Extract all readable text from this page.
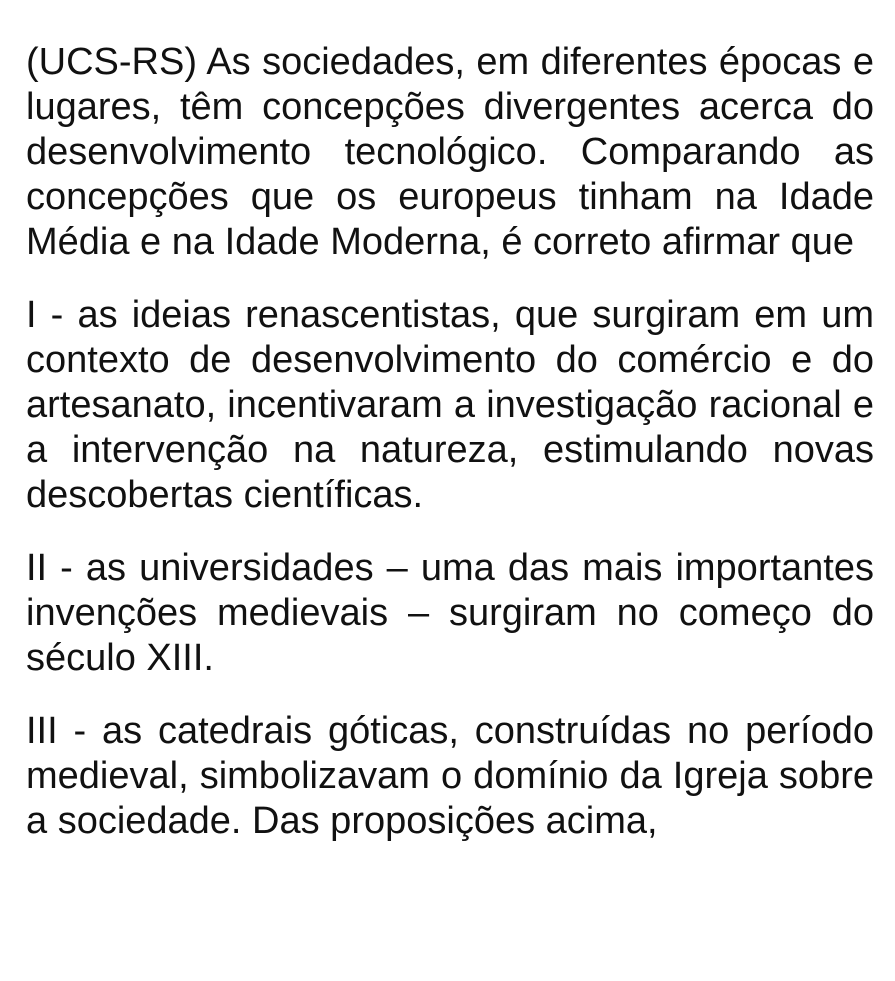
(UCS-RS) As sociedades, em diferentes épocas e lugares, têm concepções divergentes acerca do desenvolvimento tecnológico. Comparando as concepções que os europeus tinham na Idade Média e na Idade Moderna, é correto afirmar que

I - as ideias renascentistas, que surgiram em um contexto de desenvolvimento do comércio e do artesanato, incentivaram a investigação racional e a intervenção na natureza, estimulando novas descobertas científicas.

II - as universidades – uma das mais importantes invenções medievais – surgiram no começo do século XIII.

III - as catedrais góticas, construídas no período medieval, simbolizavam o domínio da Igreja sobre a sociedade. Das proposições acima,
